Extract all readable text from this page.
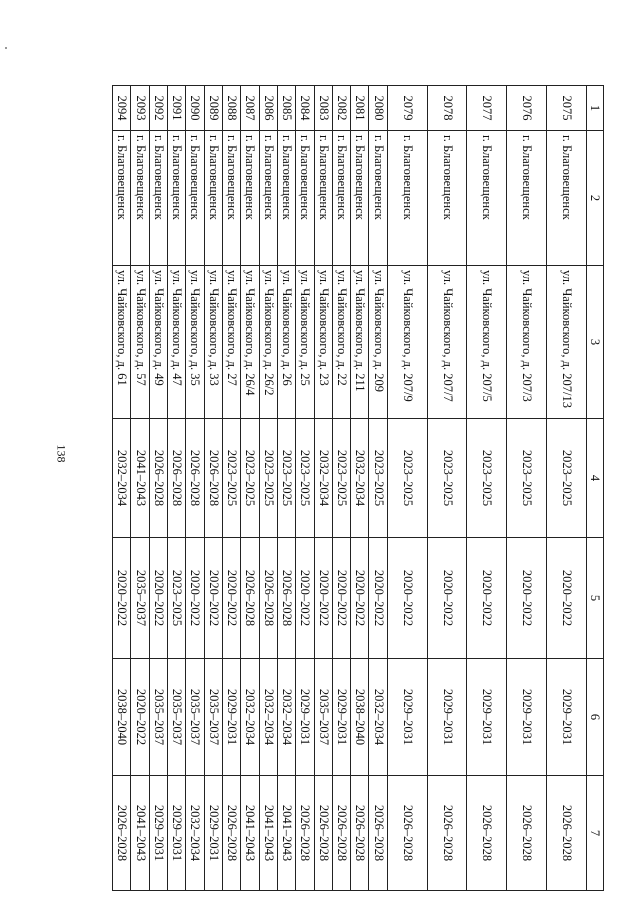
138
1	2	3	4	5	6	7
2075	г. Благовещенск	ул. Чайковского, д. 207/13	2023–2025	2020–2022	2029–2031	2026–2028
2076	г. Благовещенск	ул. Чайковского, д. 207/3	2023–2025	2020–2022	2029–2031	2026–2028
2077	г. Благовещенск	ул. Чайковского, д. 207/5	2023–2025	2020–2022	2029–2031	2026–2028
2078	г. Благовещенск	ул. Чайковского, д. 207/7	2023–2025	2020–2022	2029–2031	2026–2028
2079	г. Благовещенск	ул. Чайковского, д. 207/9	2023–2025	2020–2022	2029–2031	2026–2028
2080	г. Благовещенск	ул. Чайковского, д. 209	2023–2025	2020–2022	2032–2034	2026–2028
2081	г. Благовещенск	ул. Чайковского, д. 211	2032–2034	2020–2022	2038–2040	2026–2028
2082	г. Благовещенск	ул. Чайковского, д. 22	2023–2025	2020–2022	2029–2031	2026–2028
2083	г. Благовещенск	ул. Чайковского, д. 23	2032–2034	2020–2022	2035–2037	2026–2028
2084	г. Благовещенск	ул. Чайковского, д. 25	2023–2025	2020–2022	2029–2031	2026–2028
2085	г. Благовещенск	ул. Чайковского, д. 26	2023–2025	2026–2028	2032–2034	2041–2043
2086	г. Благовещенск	ул. Чайковского, д. 26/2	2023–2025	2026–2028	2032–2034	2041–2043
2087	г. Благовещенск	ул. Чайковского, д. 26/4	2023–2025	2026–2028	2032–2034	2041–2043
2088	г. Благовещенск	ул. Чайковского, д. 27	2023–2025	2020–2022	2029–2031	2026–2028
2089	г. Благовещенск	ул. Чайковского, д. 33	2026–2028	2020–2022	2035–2037	2029–2031
2090	г. Благовещенск	ул. Чайковского, д. 35	2026–2028	2020–2022	2035–2037	2032–2034
2091	г. Благовещенск	ул. Чайковского, д. 47	2026–2028	2023–2025	2035–2037	2029–2031
2092	г. Благовещенск	ул. Чайковского, д. 49	2026–2028	2020–2022	2035–2037	2029–2031
2093	г. Благовещенск	ул. Чайковского, д. 57	2041–2043	2035–2037	2020–2022	2041–2043
2094	г. Благовещенск	ул. Чайковского, д. 61	2032–2034	2020–2022	2038–2040	2026–2028
